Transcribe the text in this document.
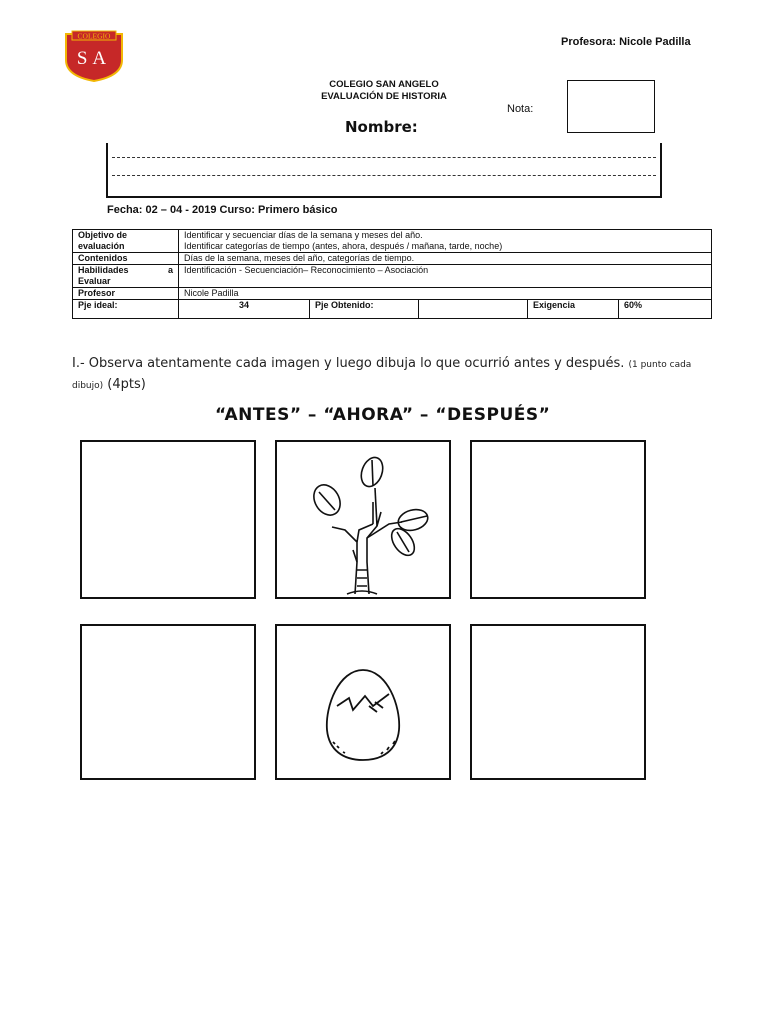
COLEGIO
SA
Profesora: Nicole Padilla
COLEGIO SAN ANGELO
EVALUACIÓN DE HISTORIA
Nota:
Nombre:
Fecha: 02 – 04 - 2019 Curso: Primero básico
Objetivo de evaluación	Identificar y secuenciar días de la semana y meses del año.
Identificar categorías de tiempo (antes, ahora, después / mañana, tarde, noche)				

Contenidos	Días de la semana, meses del año, categorías de tiempo.				

Habilidades a
Evaluar	Identificación - Secuenciación– Reconocimiento – Asociación				
Profesor	Nicole Padilla				
Pje ideal:	34	Pje Obtenido:		Exigencia	60%
I.- Observa atentamente cada imagen y luego dibuja lo que ocurrió antes y después. (1 punto cada dibujo) (4pts)
“ANTES” – “AHORA” – “DESPUÉS”
